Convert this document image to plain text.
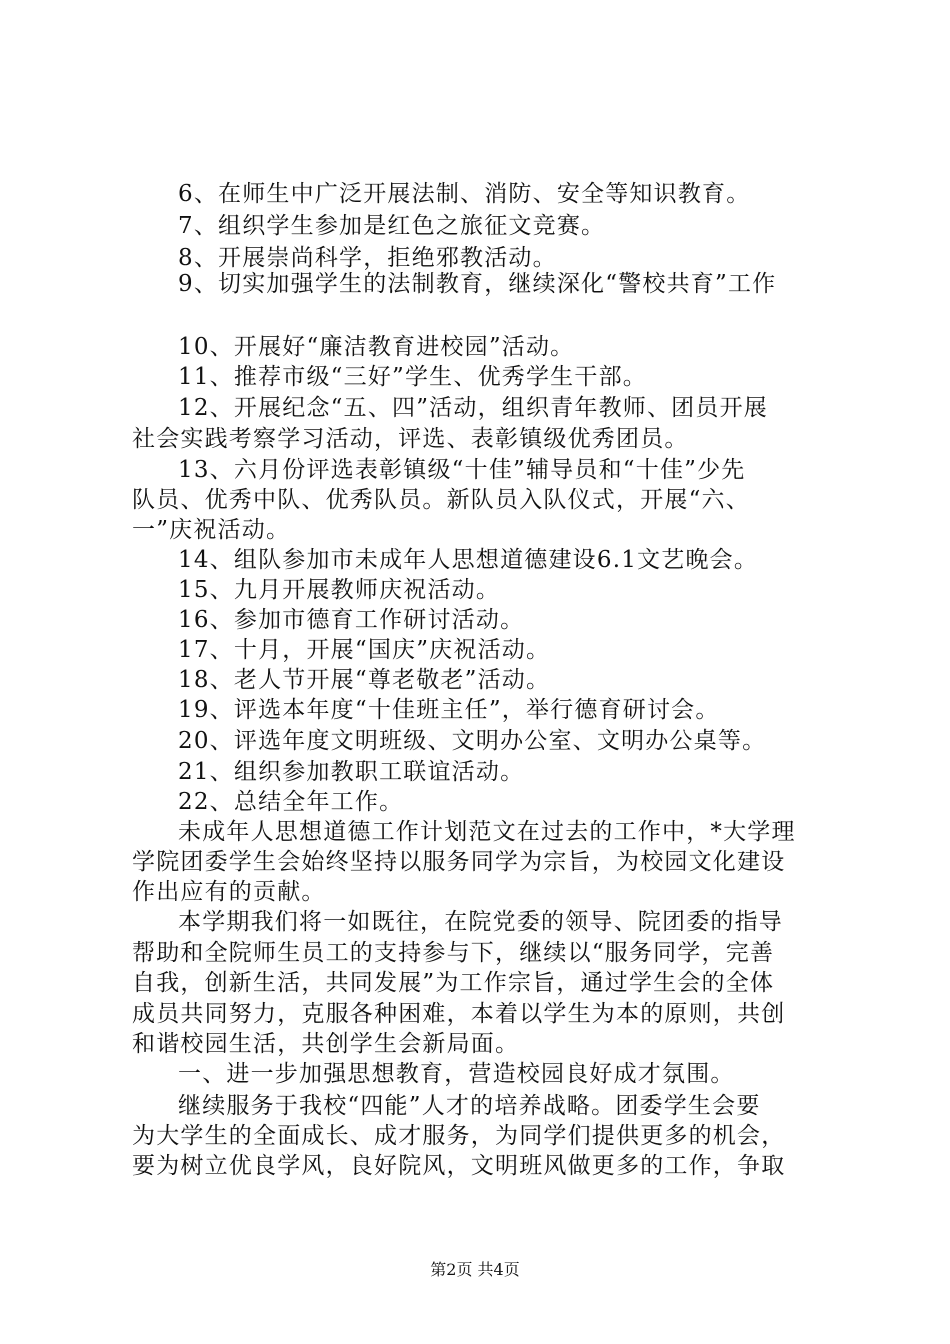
6、在师生中广泛开展法制、消防、安全等知识教育。
7、组织学生参加是红色之旅征文竞赛。
8、开展崇尚科学，拒绝邪教活动。
9、切实加强学生的法制教育，继续深化“警校共育”工作
10、开展好“廉洁教育进校园”活动。
11、推荐市级“三好”学生、优秀学生干部。
12、开展纪念“五、四”活动，组织青年教师、团员开展
社会实践考察学习活动，评选、表彰镇级优秀团员。
13、六月份评选表彰镇级“十佳”辅导员和“十佳”少先
队员、优秀中队、优秀队员。新队员入队仪式，开展“六、
一”庆祝活动。
14、组队参加市未成年人思想道德建设6.1文艺晚会。
15、九月开展教师庆祝活动。
16、参加市德育工作研讨活动。
17、十月，开展“国庆”庆祝活动。
18、老人节开展“尊老敬老”活动。
19、评选本年度“十佳班主任”，举行德育研讨会。
20、评选年度文明班级、文明办公室、文明办公桌等。
21、组织参加教职工联谊活动。
22、总结全年工作。
未成年人思想道德工作计划范文在过去的工作中，*大学理
学院团委学生会始终坚持以服务同学为宗旨，为校园文化建设
作出应有的贡献。
本学期我们将一如既往，在院党委的领导、院团委的指导
帮助和全院师生员工的支持参与下，继续以“服务同学，完善
自我，创新生活，共同发展”为工作宗旨，通过学生会的全体
成员共同努力，克服各种困难，本着以学生为本的原则，共创
和谐校园生活，共创学生会新局面。
一、进一步加强思想教育，营造校园良好成才氛围。
继续服务于我校“四能”人才的培养战略。团委学生会要
为大学生的全面成长、成才服务，为同学们提供更多的机会，
要为树立优良学风，良好院风，文明班风做更多的工作，争取
第2页 共4页
